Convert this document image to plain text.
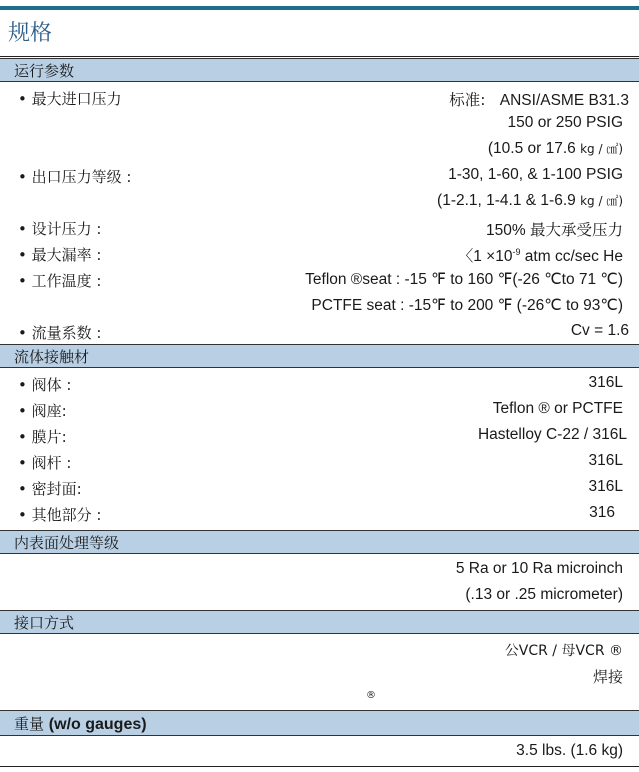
规格
运行参数
• 最大进口压力	标准: ANSI/ASME B31.3
150 or 250 PSIG
(10.5 or 17.6 kg / ㎠)
• 出口压力等级 :	1-30, 1-60, & 1-100 PSIG
(1-2.1, 1-4.1 & 1-6.9 kg / ㎠)
• 设计压力 :	150% 最大承受压力
• 最大漏率 :	〈$1 \times 10^{-9}$ atm cc/sec He
• 工作温度 :	Teflon ®seat : -15 ℉ to 160 ℉(-26 ℃to 71 ℃)
PCTFE seat : -15℉ to 200 ℉ (-26℃ to 93℃)
• 流量系数 :	Cv = 1.6
流体接触材
• 阀体 :	316L
• 阀座:	Teflon ® or PCTFE
• 膜片:	Hastelloy C-22 / 316L
• 阀杆 :	316L
• 密封面:	316L
• 其他部分 :	316
内表面处理等级
5 Ra or 10 Ra microinch
(.13 or .25 micrometer)
接口方式
公VCR / 母VCR ®
焊接
®
重量 (w/o gauges)
3.5 lbs. (1.6 kg)
